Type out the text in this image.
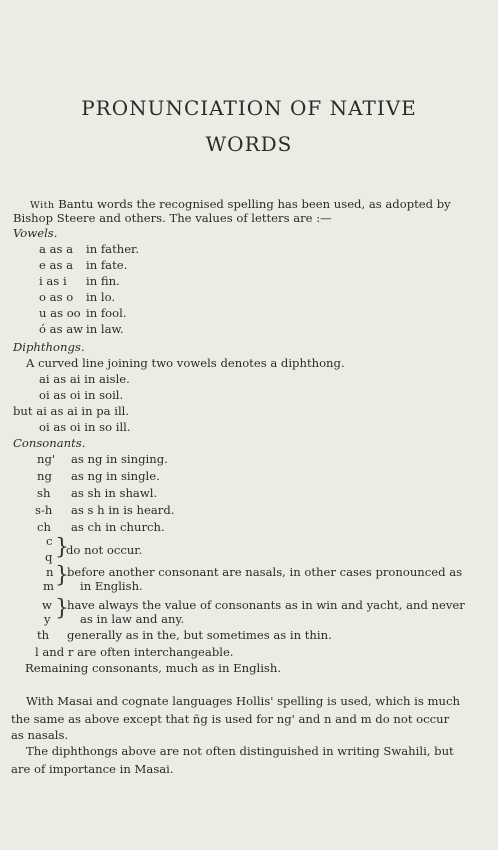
PRONUNCIATION OF NATIVE
WORDS
With Bantu words the recognised spelling has been used, as adopted by
Bishop Steere and others. The values of letters are :—
Vowels.
a as a in father.
e as a in fate.
i as i in fin.
o as o in lo.
u as oo in fool.
ó as aw in law.
Diphthongs.
A curved line joining two vowels denotes a diphthong.
ai as ai in aisle.
oi as oi in soil.
but ai as ai in pa ill.
oi as oi in so ill.
Consonants.
ng' as ng in singing.
ng as ng in single.
sh as sh in shawl.
s-h as s h in is heard.
ch as ch in church.
c
q }
do not occur.
n
m }
before another consonant are nasals, in other cases pronounced as
in English.
w
y }
have always the value of consonants as in win and yacht, and never
as in law and any.
th generally as in the, but sometimes as in thin.
l and r are often interchangeable.
Remaining consonants, much as in English.
With Masai and cognate languages Hollis' spelling is used, which is much
the same as above except that ñg is used for ng' and n and m do not occur
as nasals.
The diphthongs above are not often distinguished in writing Swahili, but
are of importance in Masai.
